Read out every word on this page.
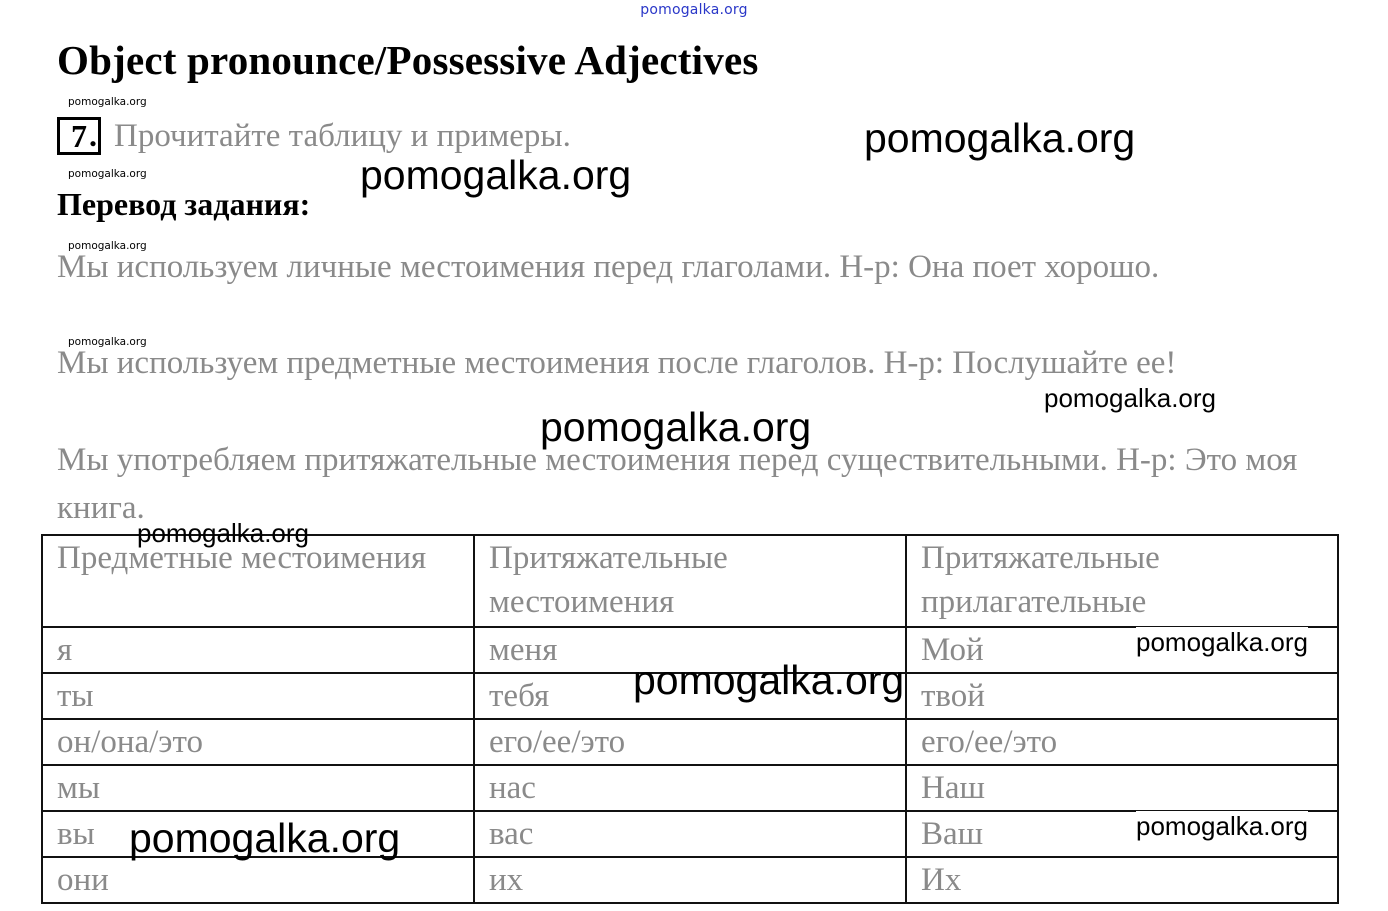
pomogalka.org
Object pronounce/Possessive Adjectives
pomogalka.org
pomogalka.org
pomogalka.org
pomogalka.org
7 . Прочитайте таблицу и примеры.
Перевод задания:
Мы используем личные местоимения перед глаголами. Н-р: Она поет хорошо.
Мы используем предметные местоимения после глаголов. Н-р: Послушайте ее!
Мы употребляем притяжательные местоимения перед существительными. Н-р: Это моя книга.
Предметные местоимения	Притяжательные местоимения	Притяжательные прилагательные
я	меня	Мой
ты	тебя	твой
он/она/это	его/ее/это	его/ее/это
мы	нас	Наш
вы	вас	Ваш
они	их	Их
pomogalka.org
pomogalka.org
pomogalka.org
pomogalka.org
pomogalka.org
pomogalka.org
pomogalka.org
pomogalka.org
pomogalka.org
